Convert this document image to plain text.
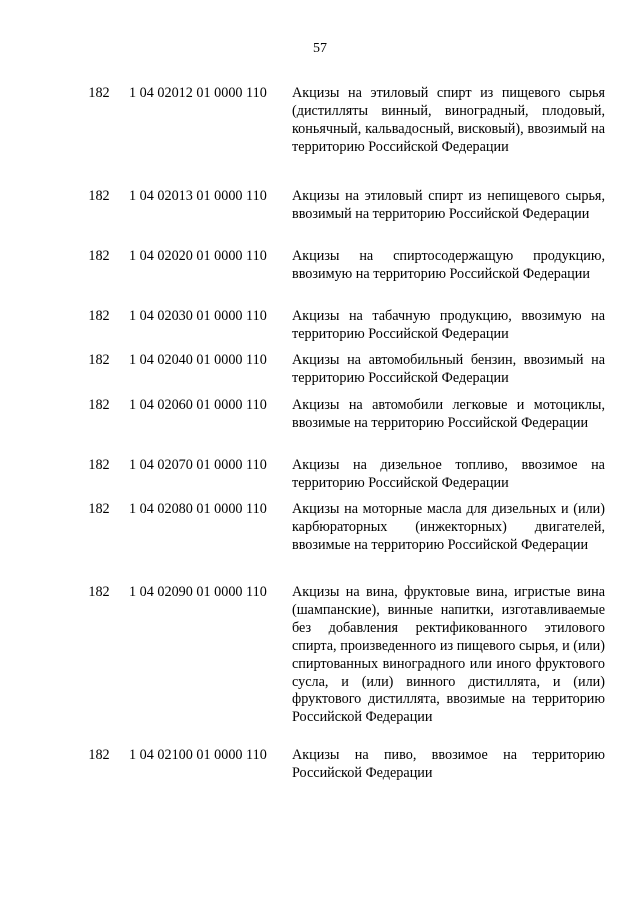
57
182	1 04 02012 01 0000 110	Акцизы на этиловый спирт из пищевого сырья (дистилляты винный, виноградный, плодовый, коньячный, кальвадосный, висковый), ввозимый на территорию Российской Федерации
182	1 04 02013 01 0000 110	Акцизы на этиловый спирт из непищевого сырья, ввозимый на территорию Российской Федерации
182	1 04 02020 01 0000 110	Акцизы на спиртосодержащую продукцию, ввозимую на территорию Российской Федерации
182	1 04 02030 01 0000 110	Акцизы на табачную продукцию, ввозимую на территорию Российской Федерации
182	1 04 02040 01 0000 110	Акцизы на автомобильный бензин, ввозимый на территорию Российской Федерации
182	1 04 02060 01 0000 110	Акцизы на автомобили легковые и мотоциклы, ввозимые на территорию Российской Федерации
182	1 04 02070 01 0000 110	Акцизы на дизельное топливо, ввозимое на территорию Российской Федерации
182	1 04 02080 01 0000 110	Акцизы на моторные масла для дизельных и (или) карбюраторных (инжекторных) двигателей, ввозимые на территорию Российской Федерации
182	1 04 02090 01 0000 110	Акцизы на вина, фруктовые вина, игристые вина (шампанские), винные напитки, изготавливаемые без добавления ректификованного этилового спирта, произведенного из пищевого сырья, и (или) спиртованных виноградного или иного фруктового сусла, и (или) винного дистиллята, и (или) фруктового дистиллята, ввозимые на территорию Российской Федерации
182	1 04 02100 01 0000 110	Акцизы на пиво, ввозимое на территорию Российской Федерации
